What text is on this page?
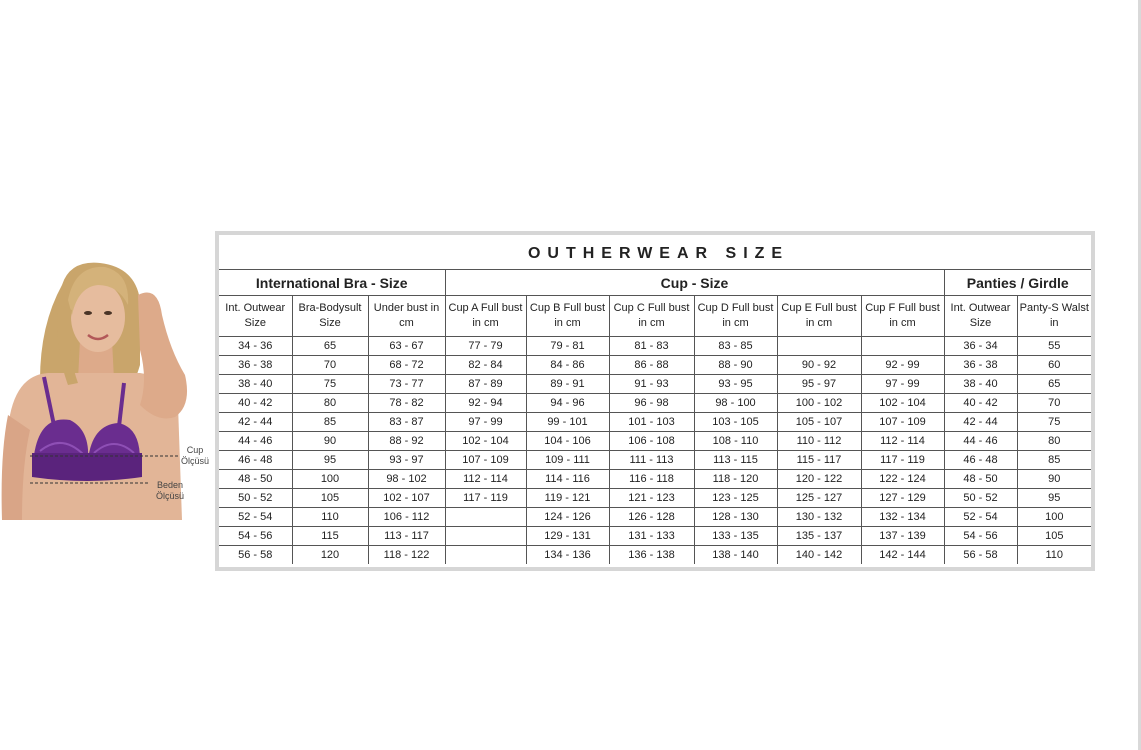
Cup
Ölçüsü
Beden
Ölçüsü
OUTHERWEAR SIZE										
International Bra - Size			Cup - Size						Panties / Girdle	
Int. Outwear Size	Bra-Bodysult Size	Under bust in cm	Cup A Full bust in cm	Cup B Full bust in cm	Cup C Full bust in cm	Cup D Full bust in cm	Cup E Full bust in cm	Cup F Full bust in cm	Int. Outwear Size	Panty-S Walst in
34 - 36	65	63 - 67	77 - 79	79 - 81	81 - 83	83 - 85			36 - 34	55
36 - 38	70	68 - 72	82 - 84	84 - 86	86 - 88	88 - 90	90 - 92	92 - 99	36 - 38	60
38 - 40	75	73 - 77	87 - 89	89 - 91	91 - 93	93 - 95	95 - 97	97 - 99	38 - 40	65
40 - 42	80	78 - 82	92 - 94	94 - 96	96 - 98	98 - 100	100 - 102	102 - 104	40 - 42	70
42 - 44	85	83 - 87	97 - 99	99 - 101	101 - 103	103 - 105	105 - 107	107 - 109	42 - 44	75
44 - 46	90	88 - 92	102 - 104	104 - 106	106 - 108	108 - 110	110 - 112	112 - 114	44 - 46	80
46 - 48	95	93 - 97	107 - 109	109 - 111	111 - 113	113 - 115	115 - 117	117 - 119	46 - 48	85
48 - 50	100	98 - 102	112 - 114	114 - 116	116 - 118	118 - 120	120 - 122	122 - 124	48 - 50	90
50 - 52	105	102 - 107	117 - 119	119 - 121	121 - 123	123 - 125	125 - 127	127 - 129	50 - 52	95
52 - 54	110	106 - 112		124 - 126	126 - 128	128 - 130	130 - 132	132 - 134	52 - 54	100
54 - 56	115	113 - 117		129 - 131	131 - 133	133 - 135	135 - 137	137 - 139	54 - 56	105
56 - 58	120	118 - 122		134 - 136	136 - 138	138 - 140	140 - 142	142 - 144	56 - 58	110
